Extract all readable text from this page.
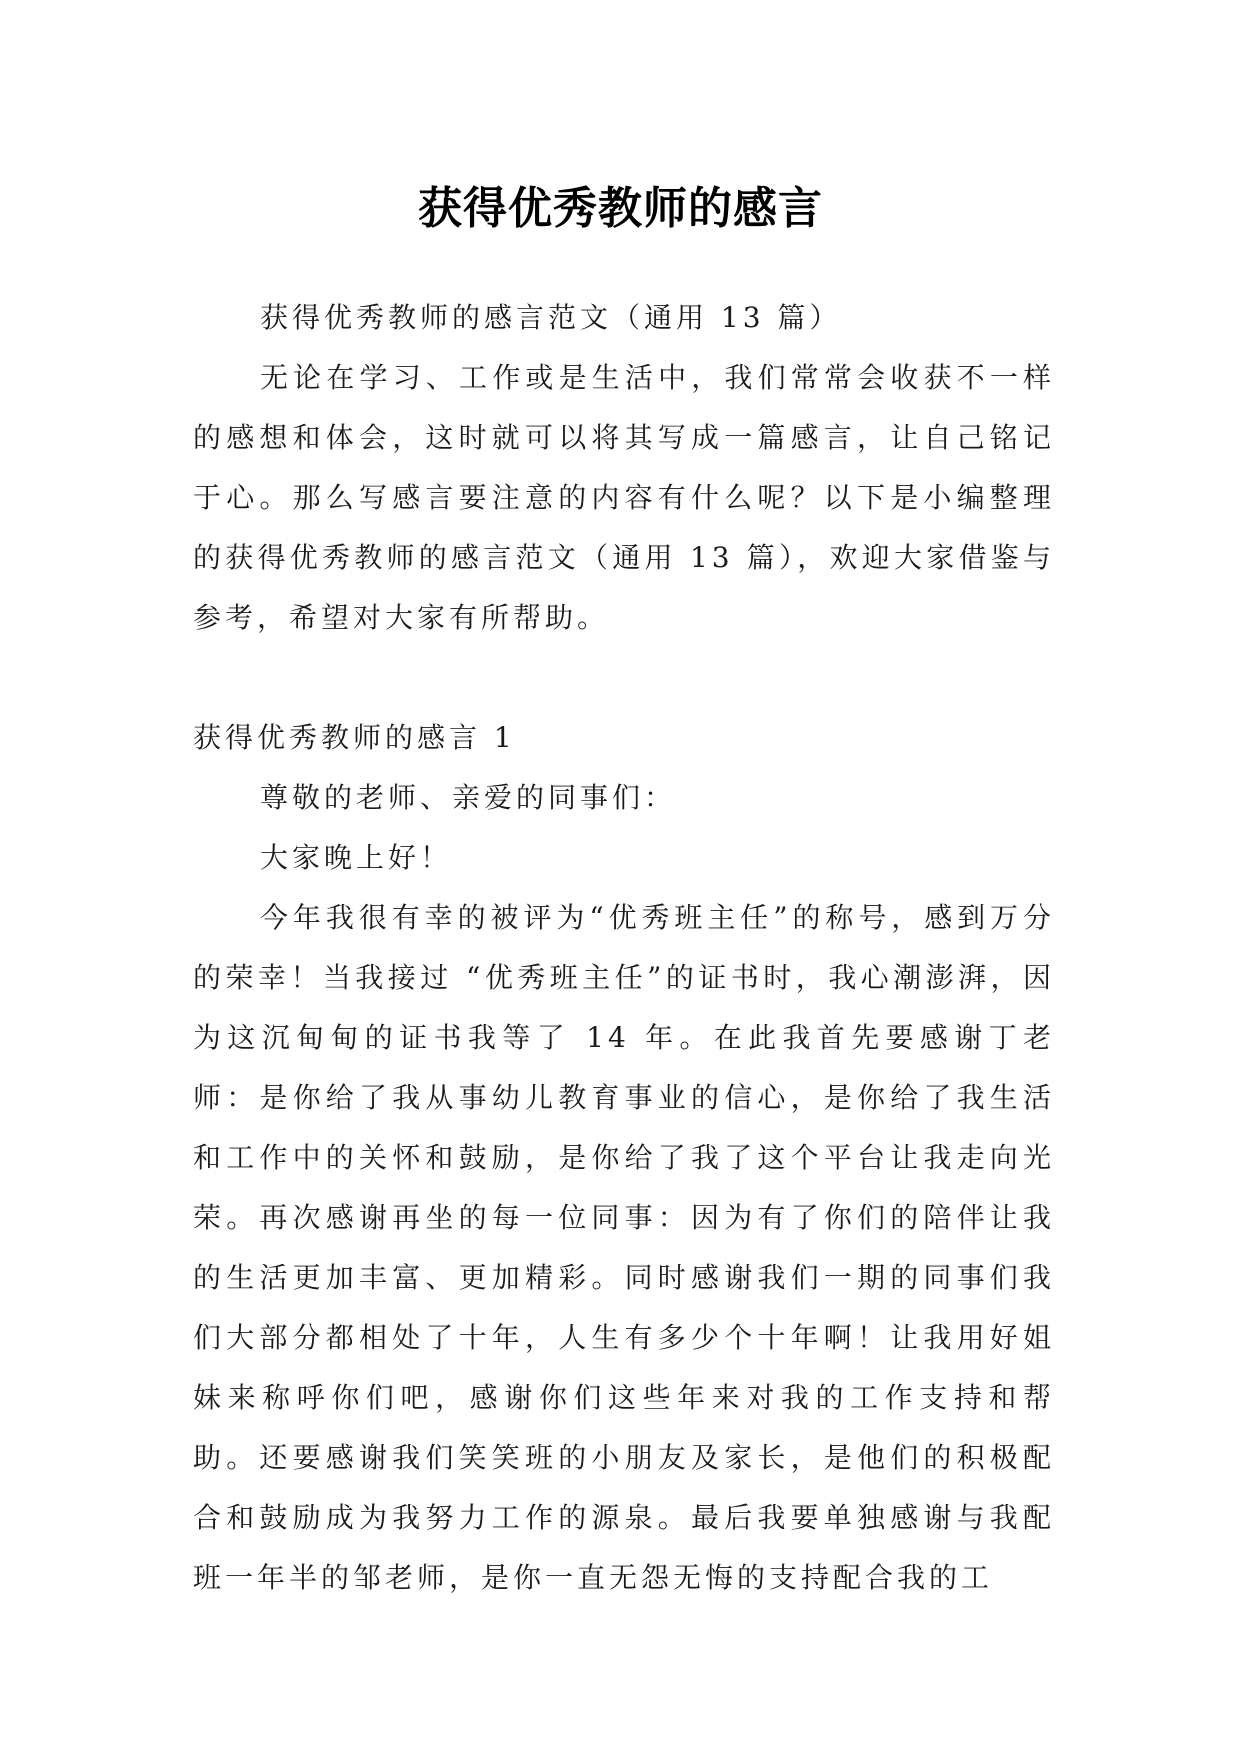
获得优秀教师的感言

获得优秀教师的感言范文（通用 13 篇）

无论在学习、工作或是生活中，我们常常会收获不一样的感想和体会，这时就可以将其写成一篇感言，让自己铭记于心。那么写感言要注意的内容有什么呢？以下是小编整理的获得优秀教师的感言范文（通用 13 篇），欢迎大家借鉴与参考，希望对大家有所帮助。

获得优秀教师的感言 1

尊敬的老师、亲爱的同事们：

大家晚上好！

今年我很有幸的被评为“优秀班主任”的称号，感到万分的荣幸！当我接过 “优秀班主任”的证书时，我心潮澎湃，因为这沉甸甸的证书我等了 14 年。在此我首先要感谢丁老师：是你给了我从事幼儿教育事业的信心，是你给了我生活和工作中的关怀和鼓励，是你给了我了这个平台让我走向光荣。再次感谢再坐的每一位同事：因为有了你们的陪伴让我的生活更加丰富、更加精彩。同时感谢我们一期的同事们我们大部分都相处了十年，人生有多少个十年啊！让我用好姐妹来称呼你们吧，感谢你们这些年来对我的工作支持和帮助。还要感谢我们笑笑班的小朋友及家长，是他们的积极配合和鼓励成为我努力工作的源泉。最后我要单独感谢与我配班一年半的邹老师，是你一直无怨无悔的支持配合我的工
